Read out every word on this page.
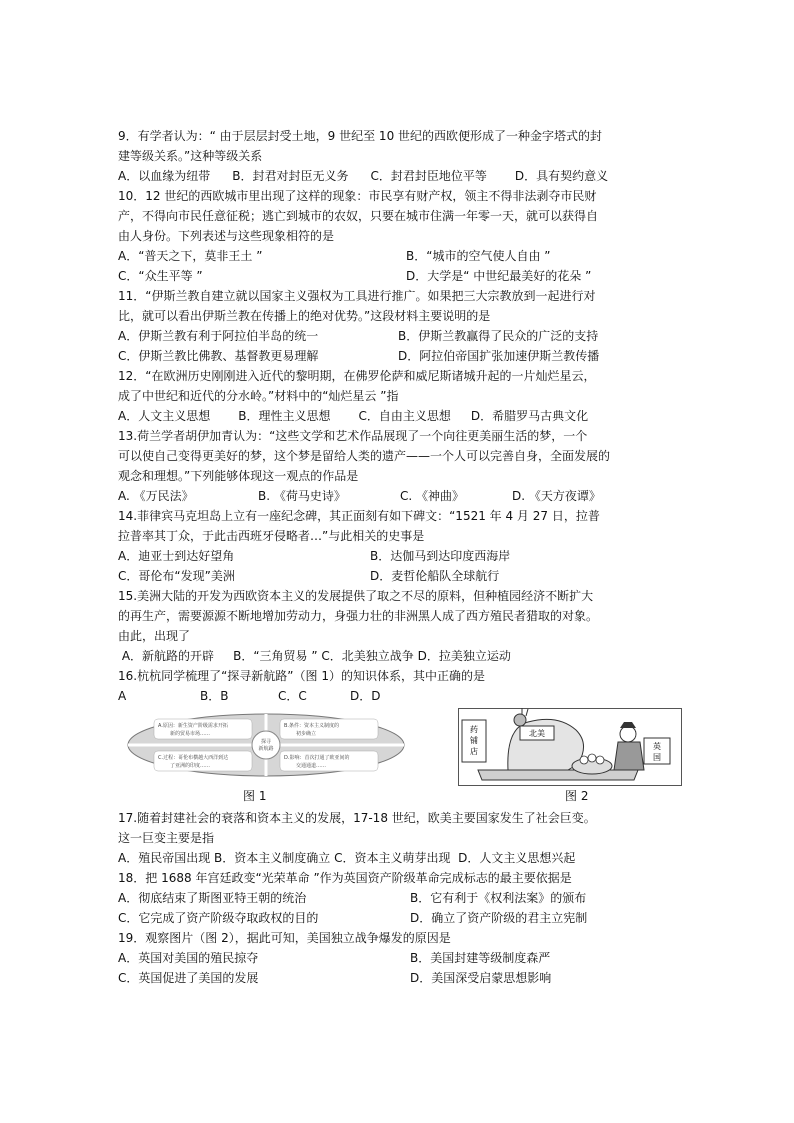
9．有学者认为：“ 由于层层封受土地，9 世纪至 10 世纪的西欧便形成了一种金字塔式的封
建等级关系。”这种等级关系
A．以血缘为纽带 B．封君对封臣无义务 C．封君封臣地位平等 D．具有契约意义
10．12 世纪的西欧城市里出现了这样的现象：市民享有财产权，领主不得非法剥夺市民财
产，不得向市民任意征税；逃亡到城市的农奴，只要在城市住满一年零一天，就可以获得自
由人身份。下列表述与这些现象相符的是
A．“普天之下，莫非王土 ”	B．“城市的空气使人自由 ”
C．“众生平等 ”	D．大学是“ 中世纪最美好的花朵 ”
11．“伊斯兰教自建立就以国家主义强权为工具进行推广。如果把三大宗教放到一起进行对
比，就可以看出伊斯兰教在传播上的绝对优势。”这段材料主要说明的是
A．伊斯兰教有利于阿拉伯半岛的统一	B．伊斯兰教赢得了民众的广泛的支持
C．伊斯兰教比佛教、基督教更易理解	D．阿拉伯帝国扩张加速伊斯兰教传播
12．“在欧洲历史刚刚进入近代的黎明期，在佛罗伦萨和威尼斯诸城升起的一片灿烂星云，
成了中世纪和近代的分水岭。”材料中的“灿烂星云 ”指
A．人文主义思想 B．理性主义思想 C．自由主义思想 D．希腊罗马古典文化
13.荷兰学者胡伊加青认为：“这些文学和艺术作品展现了一个向往更美丽生活的梦，一个
可以使自己变得更美好的梦，这个梦是留给人类的遗产——一个人可以完善自身，全面发展的
观念和理想。”下列能够体现这一观点的作品是
A. 《万民法》	B. 《荷马史诗》	C. 《神曲》	D. 《天方夜谭》
14.菲律宾马克坦岛上立有一座纪念碑，其正面刻有如下碑文：“1521 年 4 月 27 日，拉普
拉普率其丁众，于此击西班牙侵略者…”与此相关的史事是
A．迪亚士到达好望角	B．达伽马到达印度西海岸
C．哥伦布“发现”美洲	D．麦哲伦船队全球航行
15.美洲大陆的开发为西欧资本主义的发展提供了取之不尽的原料，但种植园经济不断扩大
的再生产，需要源源不断地增加劳动力，身强力壮的非洲黑人成了西方殖民者猎取的对象。
由此，出现了
A．新航路的开辟     B．“三角贸易 ” C．北美独立战争 D．拉美独立运动
16.杭杭同学梳理了“探寻新航路”（图 1）的知识体系，其中正确的是
A	B．B	C．C	D．D
探寻
新航路
A.原因：新生资产阶级需求开拓
新的贸易市场……
B.条件：资本主义制度的
初步确立
C.过程：哥伦布横越大西洋到达
了亚洲的印度……
D.影响：首次打通了欧亚间的
交通通道……
药
铺
店
北美
英
国
图 1	图 2
17.随着封建社会的衰落和资本主义的发展，17-18 世纪，欧美主要国家发生了社会巨变。
这一巨变主要是指
A．殖民帝国出现 B．资本主义制度确立 C．资本主义萌芽出现  D．人文主义思想兴起
18．把 1688 年宫廷政变“光荣革命 ”作为英国资产阶级革命完成标志的最主要依据是
A．彻底结束了斯图亚特王朝的统治	B．它有利于《权利法案》的颁布
C．它完成了资产阶级夺取政权的目的	D．确立了资产阶级的君主立宪制
19．观察图片（图 2），据此可知，美国独立战争爆发的原因是
A．英国对美国的殖民掠夺	B．美国封建等级制度森严
C．英国促进了美国的发展	D．美国深受启蒙思想影响
